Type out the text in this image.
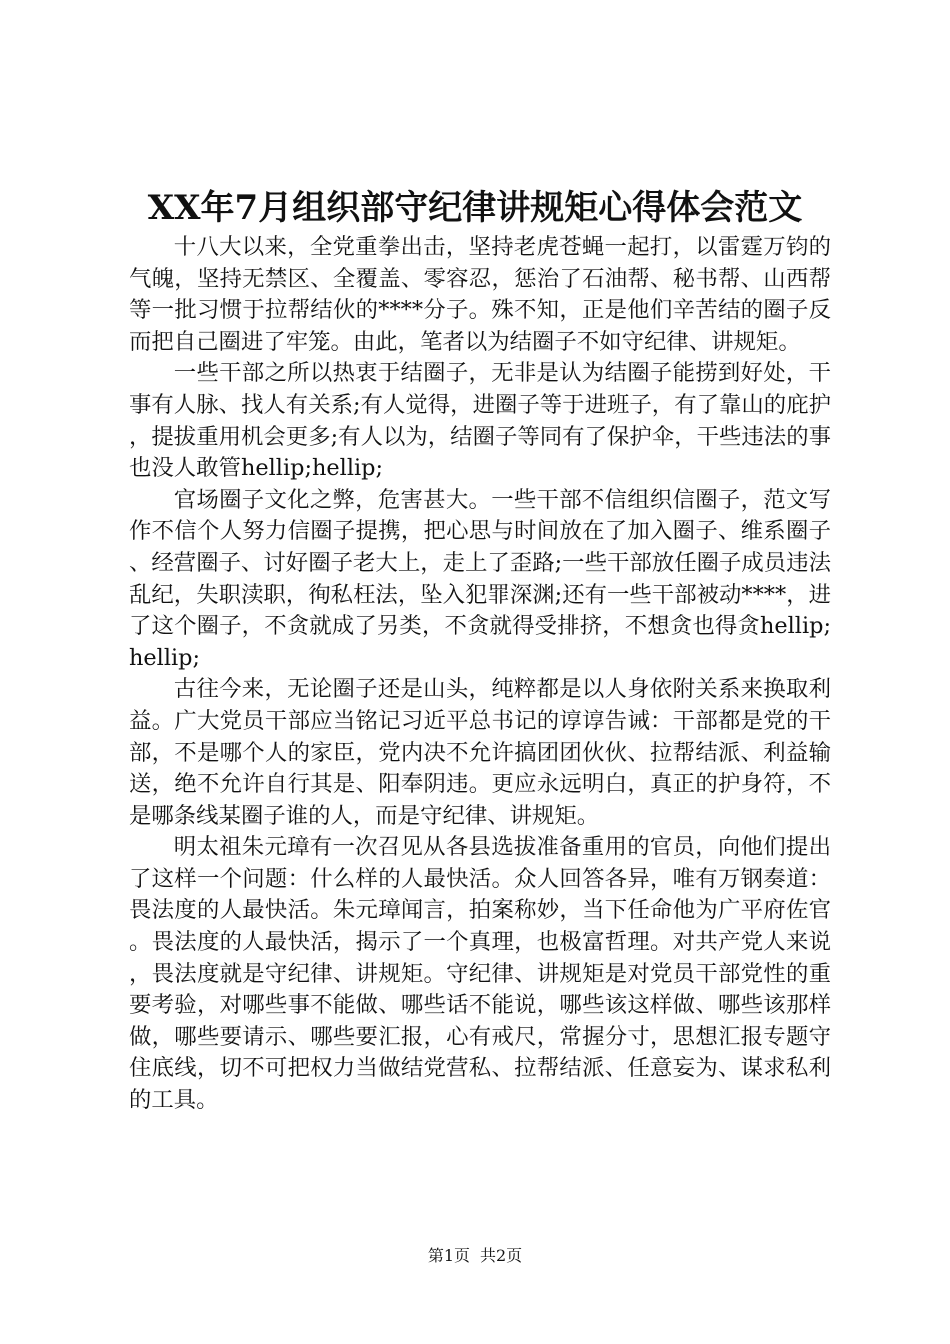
XX年7月组织部守纪律讲规矩心得体会范文

十八大以来，全党重拳出击，坚持老虎苍蝇一起打，以雷霆万钧的气魄，坚持无禁区、全覆盖、零容忍，惩治了石油帮、秘书帮、山西帮等一批习惯于拉帮结伙的****分子。殊不知，正是他们辛苦结的圈子反而把自己圈进了牢笼。由此，笔者以为结圈子不如守纪律、讲规矩。

一些干部之所以热衷于结圈子，无非是认为结圈子能捞到好处，干事有人脉、找人有关系;有人觉得，进圈子等于进班子，有了靠山的庇护，提拔重用机会更多;有人以为，结圈子等同有了保护伞，干些违法的事也没人敢管hellip;hellip;

官场圈子文化之弊，危害甚大。一些干部不信组织信圈子，范文写作不信个人努力信圈子提携，把心思与时间放在了加入圈子、维系圈子、经营圈子、讨好圈子老大上，走上了歪路;一些干部放任圈子成员违法乱纪，失职渎职，徇私枉法，坠入犯罪深渊;还有一些干部被动****，进了这个圈子，不贪就成了另类，不贪就得受排挤，不想贪也得贪hellip;hellip;

古往今来，无论圈子还是山头，纯粹都是以人身依附关系来换取利益。广大党员干部应当铭记习近平总书记的谆谆告诫：干部都是党的干部，不是哪个人的家臣，党内决不允许搞团团伙伙、拉帮结派、利益输送，绝不允许自行其是、阳奉阴违。更应永远明白，真正的护身符，不是哪条线某圈子谁的人，而是守纪律、讲规矩。

明太祖朱元璋有一次召见从各县选拔准备重用的官员，向他们提出了这样一个问题：什么样的人最快活。众人回答各异，唯有万钢奏道：畏法度的人最快活。朱元璋闻言，拍案称妙，当下任命他为广平府佐官。畏法度的人最快活，揭示了一个真理，也极富哲理。对共产党人来说，畏法度就是守纪律、讲规矩。守纪律、讲规矩是对党员干部党性的重要考验，对哪些事不能做、哪些话不能说，哪些该这样做、哪些该那样做，哪些要请示、哪些要汇报，心有戒尺，常握分寸，思想汇报专题守住底线，切不可把权力当做结党营私、拉帮结派、任意妄为、谋求私利的工具。

第1页 共2页
